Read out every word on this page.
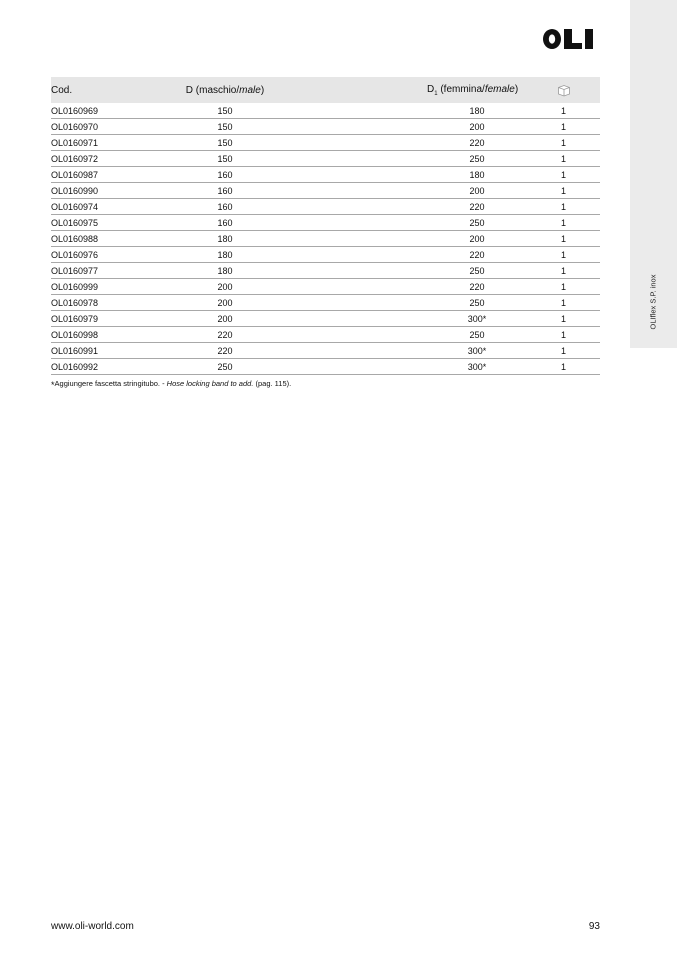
OLIflex S.P. inox
Cod.	D (maschio/male)		$D_1$ (femmina/female)	

OL0160969	150		180	1
OL0160970	150		200	1
OL0160971	150		220	1
OL0160972	150		250	1
OL0160987	160		180	1
OL0160990	160		200	1
OL0160974	160		220	1
OL0160975	160		250	1
OL0160988	180		200	1
OL0160976	180		220	1
OL0160977	180		250	1
OL0160999	200		220	1
OL0160978	200		250	1
OL0160979	200		300*	1
OL0160998	220		250	1
OL0160991	220		300*	1
OL0160992	250		300*	1
*Aggiungere fascetta stringitubo. - Hose locking band to add. (pag. 115).
www.oli-world.com	93
